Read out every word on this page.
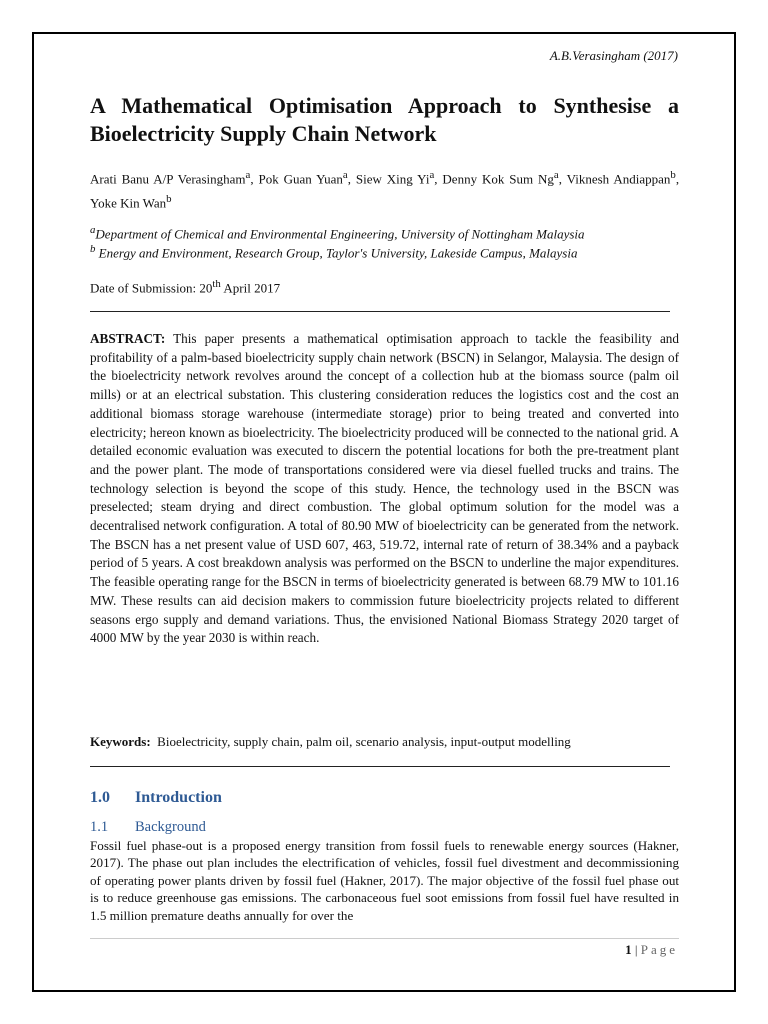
A.B.Verasingham (2017)
A Mathematical Optimisation Approach to Synthesise a Bioelectricity Supply Chain Network
Arati Banu A/P Verasingham$^a$, Pok Guan Yuan$^a$, Siew Xing Yi$^a$, Denny Kok Sum Ng$^a$, Viknesh Andiappan$^b$, Yoke Kin Wan$^b$
$^a$Department of Chemical and Environmental Engineering, University of Nottingham Malaysia
$^b$ Energy and Environment, Research Group, Taylor's University, Lakeside Campus, Malaysia
Date of Submission: 20th April 2017
ABSTRACT: This paper presents a mathematical optimisation approach to tackle the feasibility and profitability of a palm-based bioelectricity supply chain network (BSCN) in Selangor, Malaysia. The design of the bioelectricity network revolves around the concept of a collection hub at the biomass source (palm oil mills) or at an electrical substation. This clustering consideration reduces the logistics cost and the cost an additional biomass storage warehouse (intermediate storage) prior to being treated and converted into electricity; hereon known as bioelectricity. The bioelectricity produced will be connected to the national grid. A detailed economic evaluation was executed to discern the potential locations for both the pre-treatment plant and the power plant. The mode of transportations considered were via diesel fuelled trucks and trains. The technology selection is beyond the scope of this study. Hence, the technology used in the BSCN was preselected; steam drying and direct combustion. The global optimum solution for the model was a decentralised network configuration. A total of 80.90 MW of bioelectricity can be generated from the network. The BSCN has a net present value of USD 607, 463, 519.72, internal rate of return of 38.34% and a payback period of 5 years. A cost breakdown analysis was performed on the BSCN to underline the major expenditures. The feasible operating range for the BSCN in terms of bioelectricity generated is between 68.79 MW to 101.16 MW. These results can aid decision makers to commission future bioelectricity projects related to different seasons ergo supply and demand variations. Thus, the envisioned National Biomass Strategy 2020 target of 4000 MW by the year 2030 is within reach.
Keywords: Bioelectricity, supply chain, palm oil, scenario analysis, input-output modelling
1.0 Introduction
1.1 Background
Fossil fuel phase-out is a proposed energy transition from fossil fuels to renewable energy sources (Hakner, 2017). The phase out plan includes the electrification of vehicles, fossil fuel divestment and decommissioning of operating power plants driven by fossil fuel (Hakner, 2017). The major objective of the fossil fuel phase out is to reduce greenhouse gas emissions. The carbonaceous fuel soot emissions from fossil fuel have resulted in 1.5 million premature deaths annually for over the
1 | Page
